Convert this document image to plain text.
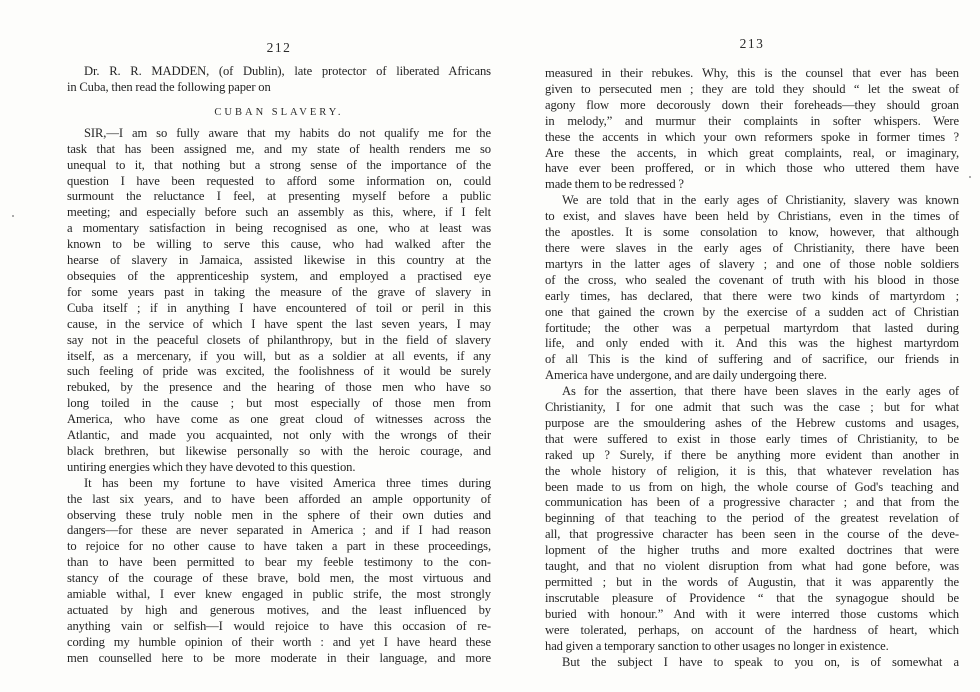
212
Dr. R. R. MADDEN, (of Dublin), late protector of liberated Africans
in Cuba, then read the following paper on
CUBAN SLAVERY.
SIR,—I am so fully aware that my habits do not qualify me for the
task that has been assigned me, and my state of health renders me so
unequal to it, that nothing but a strong sense of the importance of the
question I have been requested to afford some information on, could
surmount the reluctance I feel, at presenting myself before a public
meeting; and especially before such an assembly as this, where, if I felt
a momentary satisfaction in being recognised as one, who at least was
known to be willing to serve this cause, who had walked after the
hearse of slavery in Jamaica, assisted likewise in this country at the
obsequies of the apprenticeship system, and employed a practised eye
for some years past in taking the measure of the grave of slavery in
Cuba itself ; if in anything I have encountered of toil or peril in this
cause, in the service of which I have spent the last seven years, I may
say not in the peaceful closets of philanthropy, but in the field of slavery
itself, as a mercenary, if you will, but as a soldier at all events, if any
such feeling of pride was excited, the foolishness of it would be surely
rebuked, by the presence and the hearing of those men who have so
long toiled in the cause ; but most especially of those men from
America, who have come as one great cloud of witnesses across the
Atlantic, and made you acquainted, not only with the wrongs of their
black brethren, but likewise personally so with the heroic courage, and
untiring energies which they have devoted to this question.
It has been my fortune to have visited America three times during
the last six years, and to have been afforded an ample opportunity of
observing these truly noble men in the sphere of their own duties and
dangers—for these are never separated in America ; and if I had reason
to rejoice for no other cause to have taken a part in these proceedings,
than to have been permitted to bear my feeble testimony to the con-
stancy of the courage of these brave, bold men, the most virtuous and
amiable withal, I ever knew engaged in public strife, the most strongly
actuated by high and generous motives, and the least influenced by
anything vain or selfish—I would rejoice to have this occasion of re-
cording my humble opinion of their worth : and yet I have heard these
men counselled here to be more moderate in their language, and more
213
measured in their rebukes. Why, this is the counsel that ever has been
given to persecuted men ; they are told they should “ let the sweat of
agony flow more decorously down their foreheads—they should groan
in melody,” and murmur their complaints in softer whispers. Were
these the accents in which your own reformers spoke in former times ?
Are these the accents, in which great complaints, real, or imaginary,
have ever been proffered, or in which those who uttered them have
made them to be redressed ?
We are told that in the early ages of Christianity, slavery was known
to exist, and slaves have been held by Christians, even in the times of
the apostles. It is some consolation to know, however, that although
there were slaves in the early ages of Christianity, there have been
martyrs in the latter ages of slavery ; and one of those noble soldiers
of the cross, who sealed the covenant of truth with his blood in those
early times, has declared, that there were two kinds of martyrdom ;
one that gained the crown by the exercise of a sudden act of Christian
fortitude; the other was a perpetual martyrdom that lasted during
life, and only ended with it. And this was the highest martyrdom
of all This is the kind of suffering and of sacrifice, our friends in
America have undergone, and are daily undergoing there.
As for the assertion, that there have been slaves in the early ages of
Christianity, I for one admit that such was the case ; but for what
purpose are the smouldering ashes of the Hebrew customs and usages,
that were suffered to exist in those early times of Christianity, to be
raked up ? Surely, if there be anything more evident than another in
the whole history of religion, it is this, that whatever revelation has
been made to us from on high, the whole course of God's teaching and
communication has been of a progressive character ; and that from the
beginning of that teaching to the period of the greatest revelation of
all, that progressive character has been seen in the course of the deve-
lopment of the higher truths and more exalted doctrines that were
taught, and that no violent disruption from what had gone before, was
permitted ; but in the words of Augustin, that it was apparently the
inscrutable pleasure of Providence “ that the synagogue should be
buried with honour.” And with it were interred those customs which
were tolerated, perhaps, on account of the hardness of heart, which
had given a temporary sanction to other usages no longer in existence.
But the subject I have to speak to you on, is of somewhat a
